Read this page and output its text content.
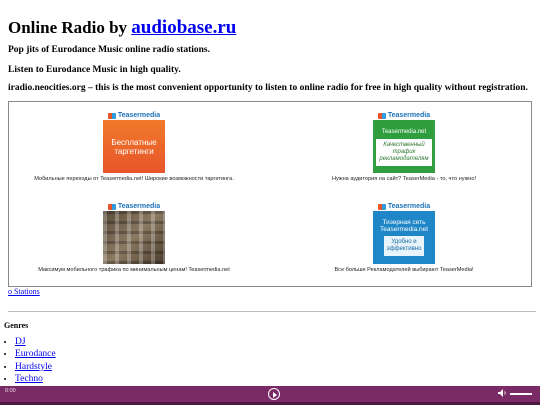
Online Radio by audiobase.ru
Pop jits of Eurodance Music online radio stations.
Listen to Eurodance Music in high quality.
iradio.neocities.org – this is the most convenient opportunity to listen to online radio for free in high quality without registration.
Teasermedia
Бесплатные таргетинги
Мобильные переходы от Teasermedia.net! Широкие возможности таргетинга.
Teasermedia
Teasermedia.net
Качественный трафик рекламодателям
Нужна аудитория на сайт? TeaserMedia - то, что нужно!
Teasermedia
Максимум мобильного трафика по минимальным ценам! Teasermedia.net
Teasermedia
Тизерная сеть Teasermedia.net
Удобно и эффективно
Все больше Рекламодателей выбирают TeaserMedia!
o Stations
Genres
• DJ
• Eurodance
• Hardstyle
• Techno
0:00
